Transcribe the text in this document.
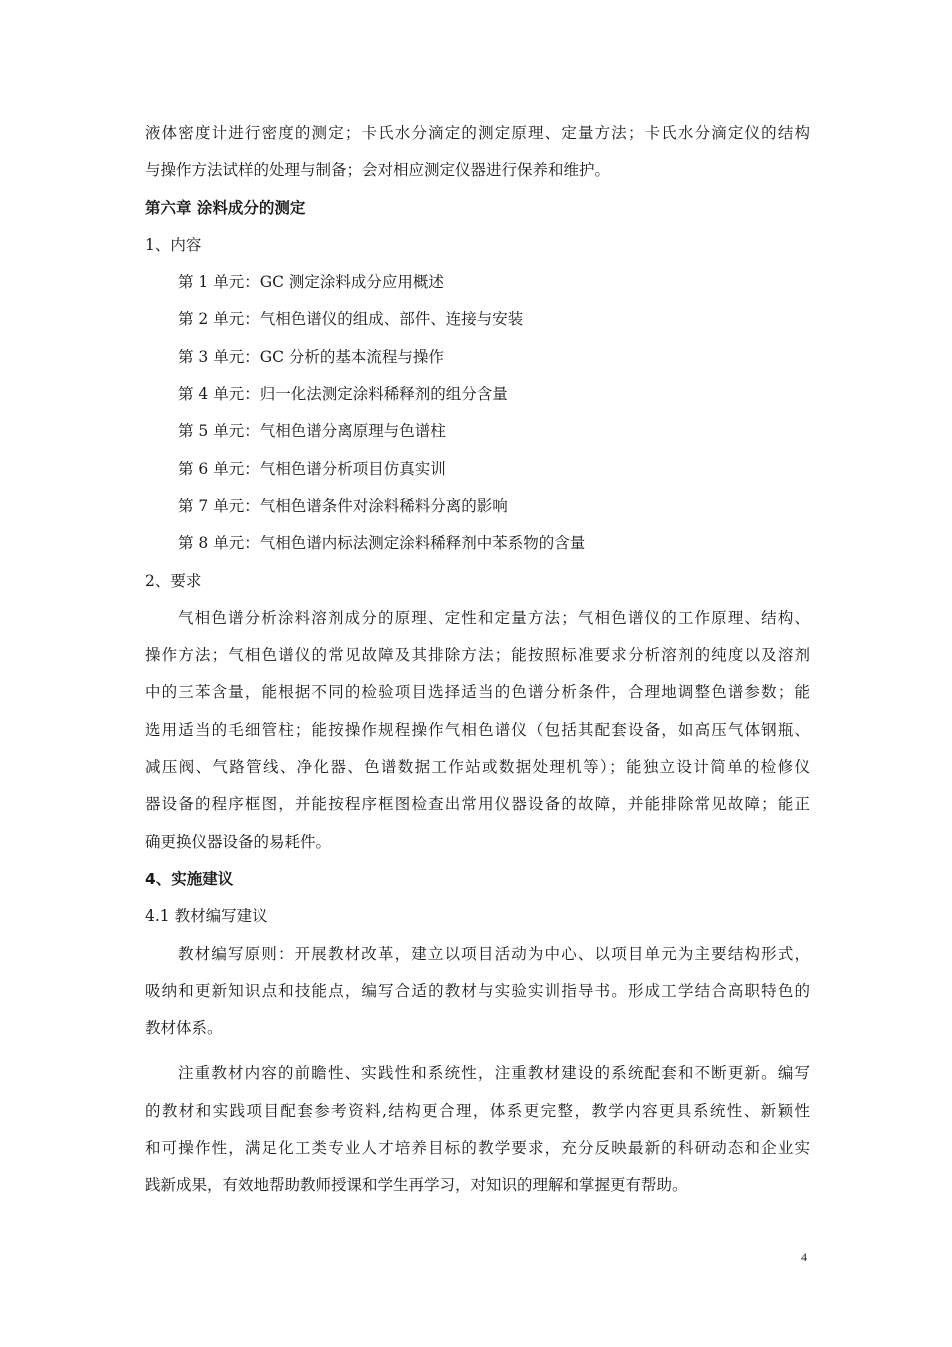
液体密度计进行密度的测定；卡氏水分滴定的测定原理、定量方法；卡氏水分滴定仪的结构
与操作方法试样的处理与制备；会对相应测定仪器进行保养和维护。
第六章 涂料成分的测定
1、内容
第 1 单元：GC 测定涂料成分应用概述
第 2 单元：气相色谱仪的组成、部件、连接与安装
第 3 单元：GC 分析的基本流程与操作
第 4 单元：归一化法测定涂料稀释剂的组分含量
第 5 单元：气相色谱分离原理与色谱柱
第 6 单元：气相色谱分析项目仿真实训
第 7 单元：气相色谱条件对涂料稀料分离的影响
第 8 单元：气相色谱内标法测定涂料稀释剂中苯系物的含量
2、要求
气相色谱分析涂料溶剂成分的原理、定性和定量方法；气相色谱仪的工作原理、结构、
操作方法；气相色谱仪的常见故障及其排除方法；能按照标准要求分析溶剂的纯度以及溶剂
中的三苯含量，能根据不同的检验项目选择适当的色谱分析条件，合理地调整色谱参数；能
选用适当的毛细管柱；能按操作规程操作气相色谱仪（包括其配套设备，如高压气体钢瓶、
减压阀、气路管线、净化器、色谱数据工作站或数据处理机等）；能独立设计简单的检修仪
器设备的程序框图，并能按程序框图检查出常用仪器设备的故障，并能排除常见故障；能正
确更换仪器设备的易耗件。
4、实施建议
4.1 教材编写建议
教材编写原则：开展教材改革，建立以项目活动为中心、以项目单元为主要结构形式，
吸纳和更新知识点和技能点，编写合适的教材与实验实训指导书。形成工学结合高职特色的
教材体系。
注重教材内容的前瞻性、实践性和系统性，注重教材建设的系统配套和不断更新。编写
的教材和实践项目配套参考资料,结构更合理，体系更完整，教学内容更具系统性、新颖性
和可操作性，满足化工类专业人才培养目标的教学要求，充分反映最新的科研动态和企业实
践新成果，有效地帮助教师授课和学生再学习，对知识的理解和掌握更有帮助。
4
